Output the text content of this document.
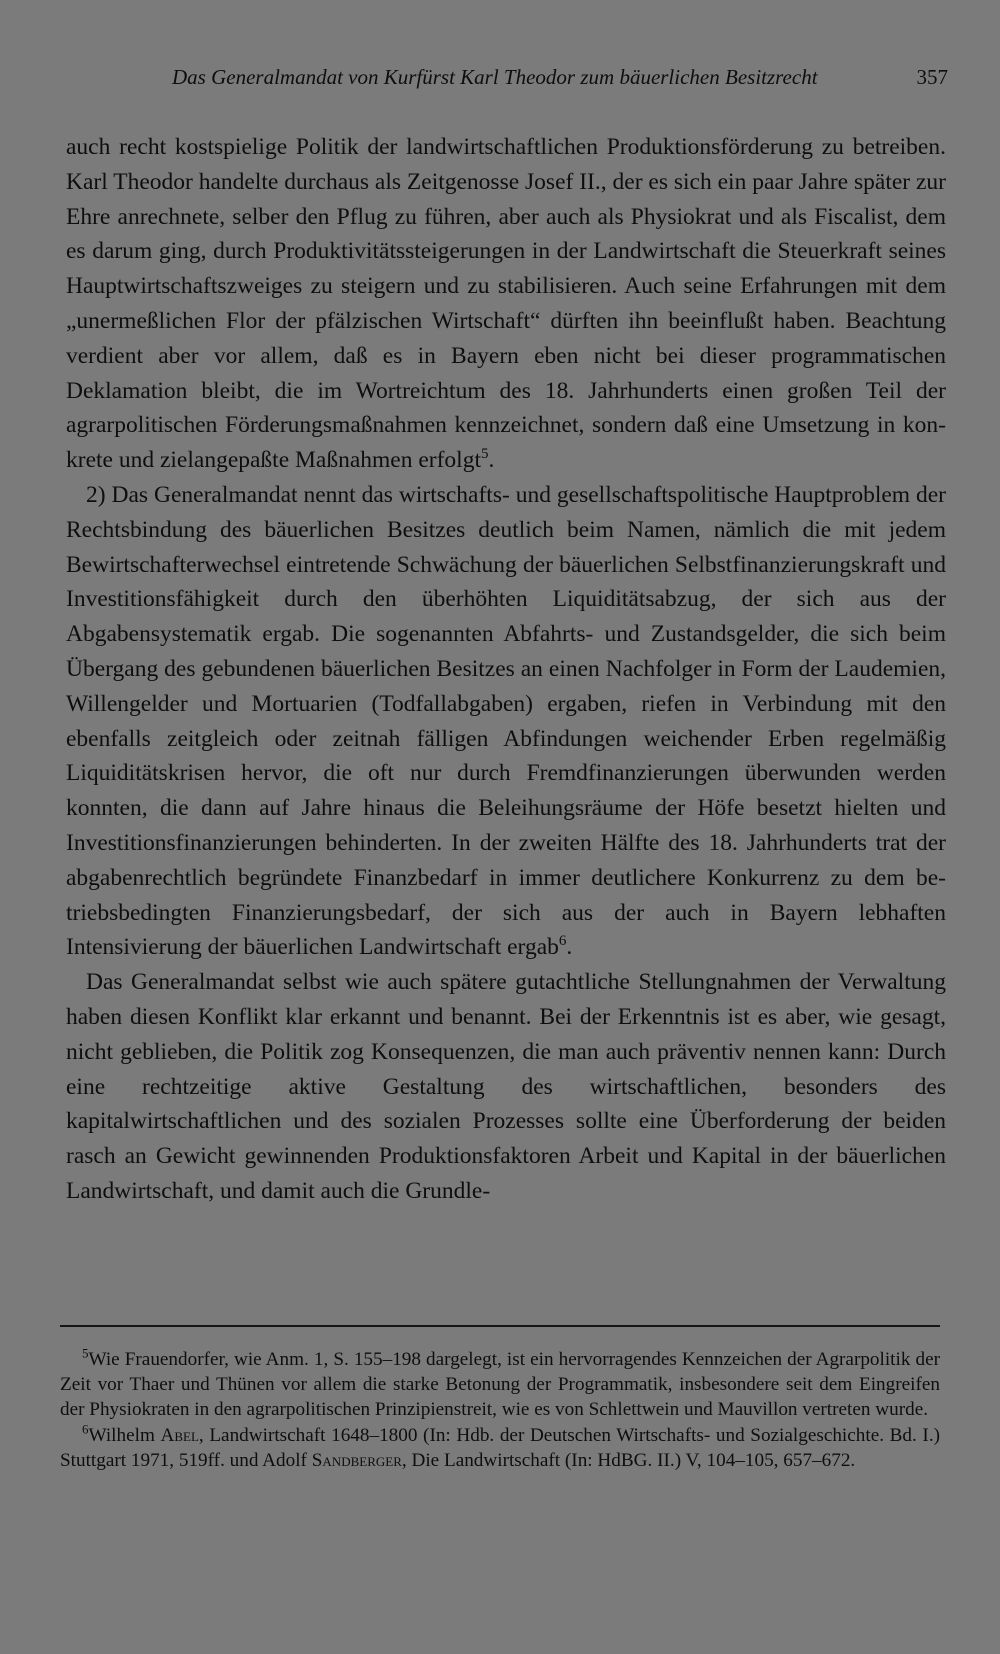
Das Generalmandat von Kurfürst Karl Theodor zum bäuerlichen Besitzrecht	357

auch recht kostspielige Politik der landwirtschaftlichen Produktionsförderung zu betreiben. Karl Theodor handelte durchaus als Zeitgenosse Josef II., der es sich ein paar Jahre später zur Ehre anrechnete, selber den Pflug zu führen, aber auch als Physiokrat und als Fiscalist, dem es darum ging, durch Produktivitätssteigerungen in der Landwirtschaft die Steuerkraft seines Hauptwirtschaftszweiges zu steigern und zu stabilisieren. Auch seine Erfahrungen mit dem „unermeßlichen Flor der pfälzischen Wirtschaft“ dürften ihn beeinflußt haben. Beachtung verdient aber vor allem, daß es in Bayern eben nicht bei dieser programmatischen Deklamation bleibt, die im Wortreichtum des 18. Jahrhunderts einen großen Teil der agrarpolitischen Förderungsmaßnahmen kennzeichnet, sondern daß eine Umsetzung in konkrete und zielangepaßte Maßnahmen erfolgt$^5$.

2) Das Generalmandat nennt das wirtschafts- und gesellschaftspolitische Hauptproblem der Rechtsbindung des bäuerlichen Besitzes deutlich beim Namen, nämlich die mit jedem Bewirtschafterwechsel eintretende Schwächung der bäuerlichen Selbstfinanzierungskraft und Investitionsfähigkeit durch den überhöhten Liquiditätsabzug, der sich aus der Abgabensystematik ergab. Die sogenannten Abfahrts- und Zustandsgelder, die sich beim Übergang des gebundenen bäuerlichen Besitzes an einen Nachfolger in Form der Laudemien, Willengelder und Mortuarien (Todfallabgaben) ergaben, riefen in Verbindung mit den ebenfalls zeitgleich oder zeitnah fälligen Abfindungen weichender Erben regelmäßig Liquiditätskrisen hervor, die oft nur durch Fremdfinanzierungen überwunden werden konnten, die dann auf Jahre hinaus die Beleihungsräume der Höfe besetzt hielten und Investitionsfinanzierungen behinderten. In der zweiten Hälfte des 18. Jahrhunderts trat der abgabenrechtlich begründete Finanzbedarf in immer deutlichere Konkurrenz zu dem betriebsbedingten Finanzierungsbedarf, der sich aus der auch in Bayern lebhaften Intensivierung der bäuerlichen Landwirtschaft ergab$^6$.

Das Generalmandat selbst wie auch spätere gutachtliche Stellungnahmen der Verwaltung haben diesen Konflikt klar erkannt und benannt. Bei der Erkenntnis ist es aber, wie gesagt, nicht geblieben, die Politik zog Konsequenzen, die man auch präventiv nennen kann: Durch eine rechtzeitige aktive Gestaltung des wirtschaftlichen, besonders des kapitalwirtschaftlichen und des sozialen Prozesses sollte eine Überforderung der beiden rasch an Gewicht gewinnenden Produktionsfaktoren Arbeit und Kapital in der bäuerlichen Landwirtschaft, und damit auch die Grundle-

$^5$Wie Frauendorfer, wie Anm. 1, S. 155–198 dargelegt, ist ein hervorragendes Kennzeichen der Agrarpolitik der Zeit vor Thaer und Thünen vor allem die starke Betonung der Programmatik, insbesondere seit dem Eingreifen der Physiokraten in den agrarpolitischen Prinzipienstreit, wie es von Schlettwein und Mauvillon vertreten wurde.

$^6$Wilhelm Abel, Landwirtschaft 1648–1800 (In: Hdb. der Deutschen Wirtschafts- und Sozialgeschichte. Bd. I.) Stuttgart 1971, 519ff. und Adolf Sandberger, Die Landwirtschaft (In: HdBG. II.) V, 104–105, 657–672.
